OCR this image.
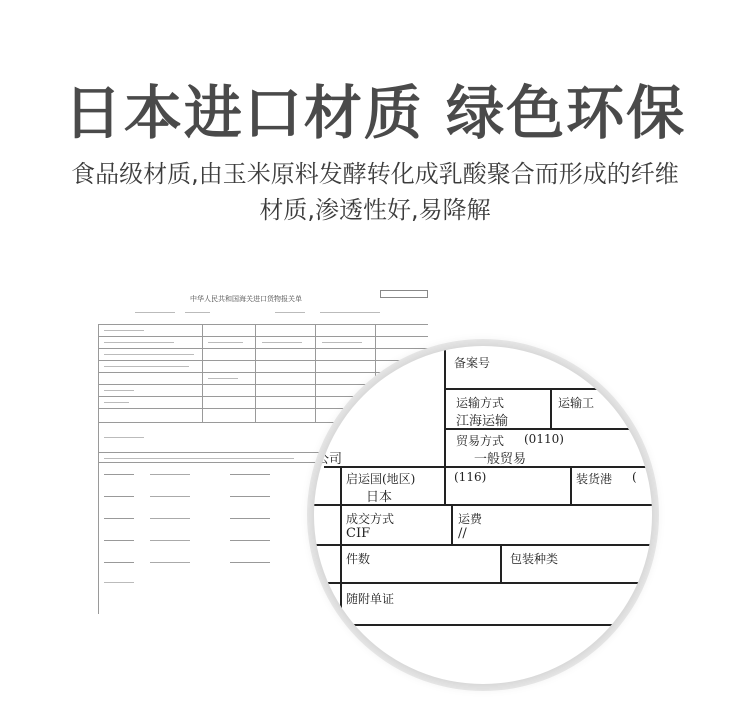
日本进口材质 绿色环保
食品级材质,由玉米原料发酵转化成乳酸聚合而形成的纤维
材质,渗透性好,易降解
中华人民共和国海关进口货物报关单
备案号
运输方式
江海运输
运输工
贸易方式 (0110)
一般贸易
公司
启运国(地区)	(116)
日本
装货港 (
成交方式
CIF
运费
//
件数	包装种类
随附单证
